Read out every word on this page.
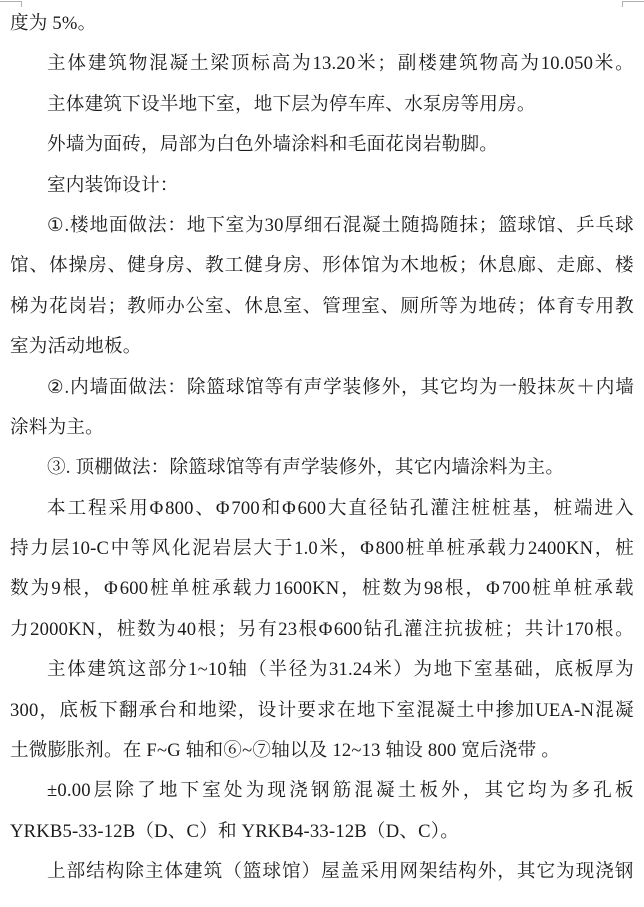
度为 5%。
主 体 建 筑 物 混 凝 土 梁 顶 标 高 为 13.20 米 ； 副 楼 建 筑 物 高 为 10.050 米 。
主体建筑下设半地下室，地下层为停车库、水泵房等用房。
外墙为面砖，局部为白色外墙涂料和毛面花岗岩勒脚。
室内装饰设计：
① . 楼 地 面 做 法 ： 地 下 室 为 30 厚 细 石 混 凝 土 随 捣 随 抹 ； 篮 球 馆 、 乒 乓 球
馆 、 体 操 房 、 健 身 房 、 教 工 健 身 房 、 形 体 馆 为 木 地 板 ； 休 息 廊 、 走 廊 、 楼
梯 为 花 岗 岩 ； 教 师 办 公 室 、 休 息 室 、 管 理 室 、 厕 所 等 为 地 砖 ； 体 育 专 用 教
室为活动地板。
② . 内 墙 面 做 法 ： 除 篮 球 馆 等 有 声 学 装 修 外 ， 其 它 均 为 一 般 抹 灰 ＋ 内 墙
涂料为主。
③. 顶棚做法：除篮球馆等有声学装修外，其它内墙涂料为主。
本 工 程 采 用 Φ 800 、 Φ 700 和 Φ 600 大 直 径 钻 孔 灌 注 桩 桩 基 ， 桩 端 进 入
持 力 层 10-C 中 等 风 化 泥 岩 层 大 于 1.0 米 ， Φ 800 桩 单 桩 承 载 力 2400KN ， 桩
数 为 9 根 ， Φ 600 桩 单 桩 承 载 力 1600KN ， 桩 数 为 98 根 ， Φ 700 桩 单 桩 承 载
力 2000KN ， 桩 数 为 40 根 ； 另 有 23 根 Φ 600 钻 孔 灌 注 抗 拔 桩 ； 共 计 170 根 。
主 体 建 筑 这 部 分 1~10 轴 （ 半 径 为 31.24 米 ） 为 地 下 室 基 础 ， 底 板 厚 为
300 ， 底 板 下 翻 承 台 和 地 梁 ， 设 计 要 求 在 地 下 室 混 凝 土 中 掺 加 UEA-N 混 凝
土微膨胀剂。在 F~G 轴和⑥~⑦轴以及 12~13 轴设 800 宽后浇带 。
±0.00 层 除 了 地 下 室 处 为 现 浇 钢 筋 混 凝 土 板 外 ， 其 它 均 为 多 孔 板
YRKB5-33-12B（D、C）和 YRKB4-33-12B（D、C）。
上 部 结 构 除 主 体 建 筑 （ 篮 球 馆 ） 屋 盖 采 用 网 架 结 构 外 ， 其 它 为 现 浇 钢
